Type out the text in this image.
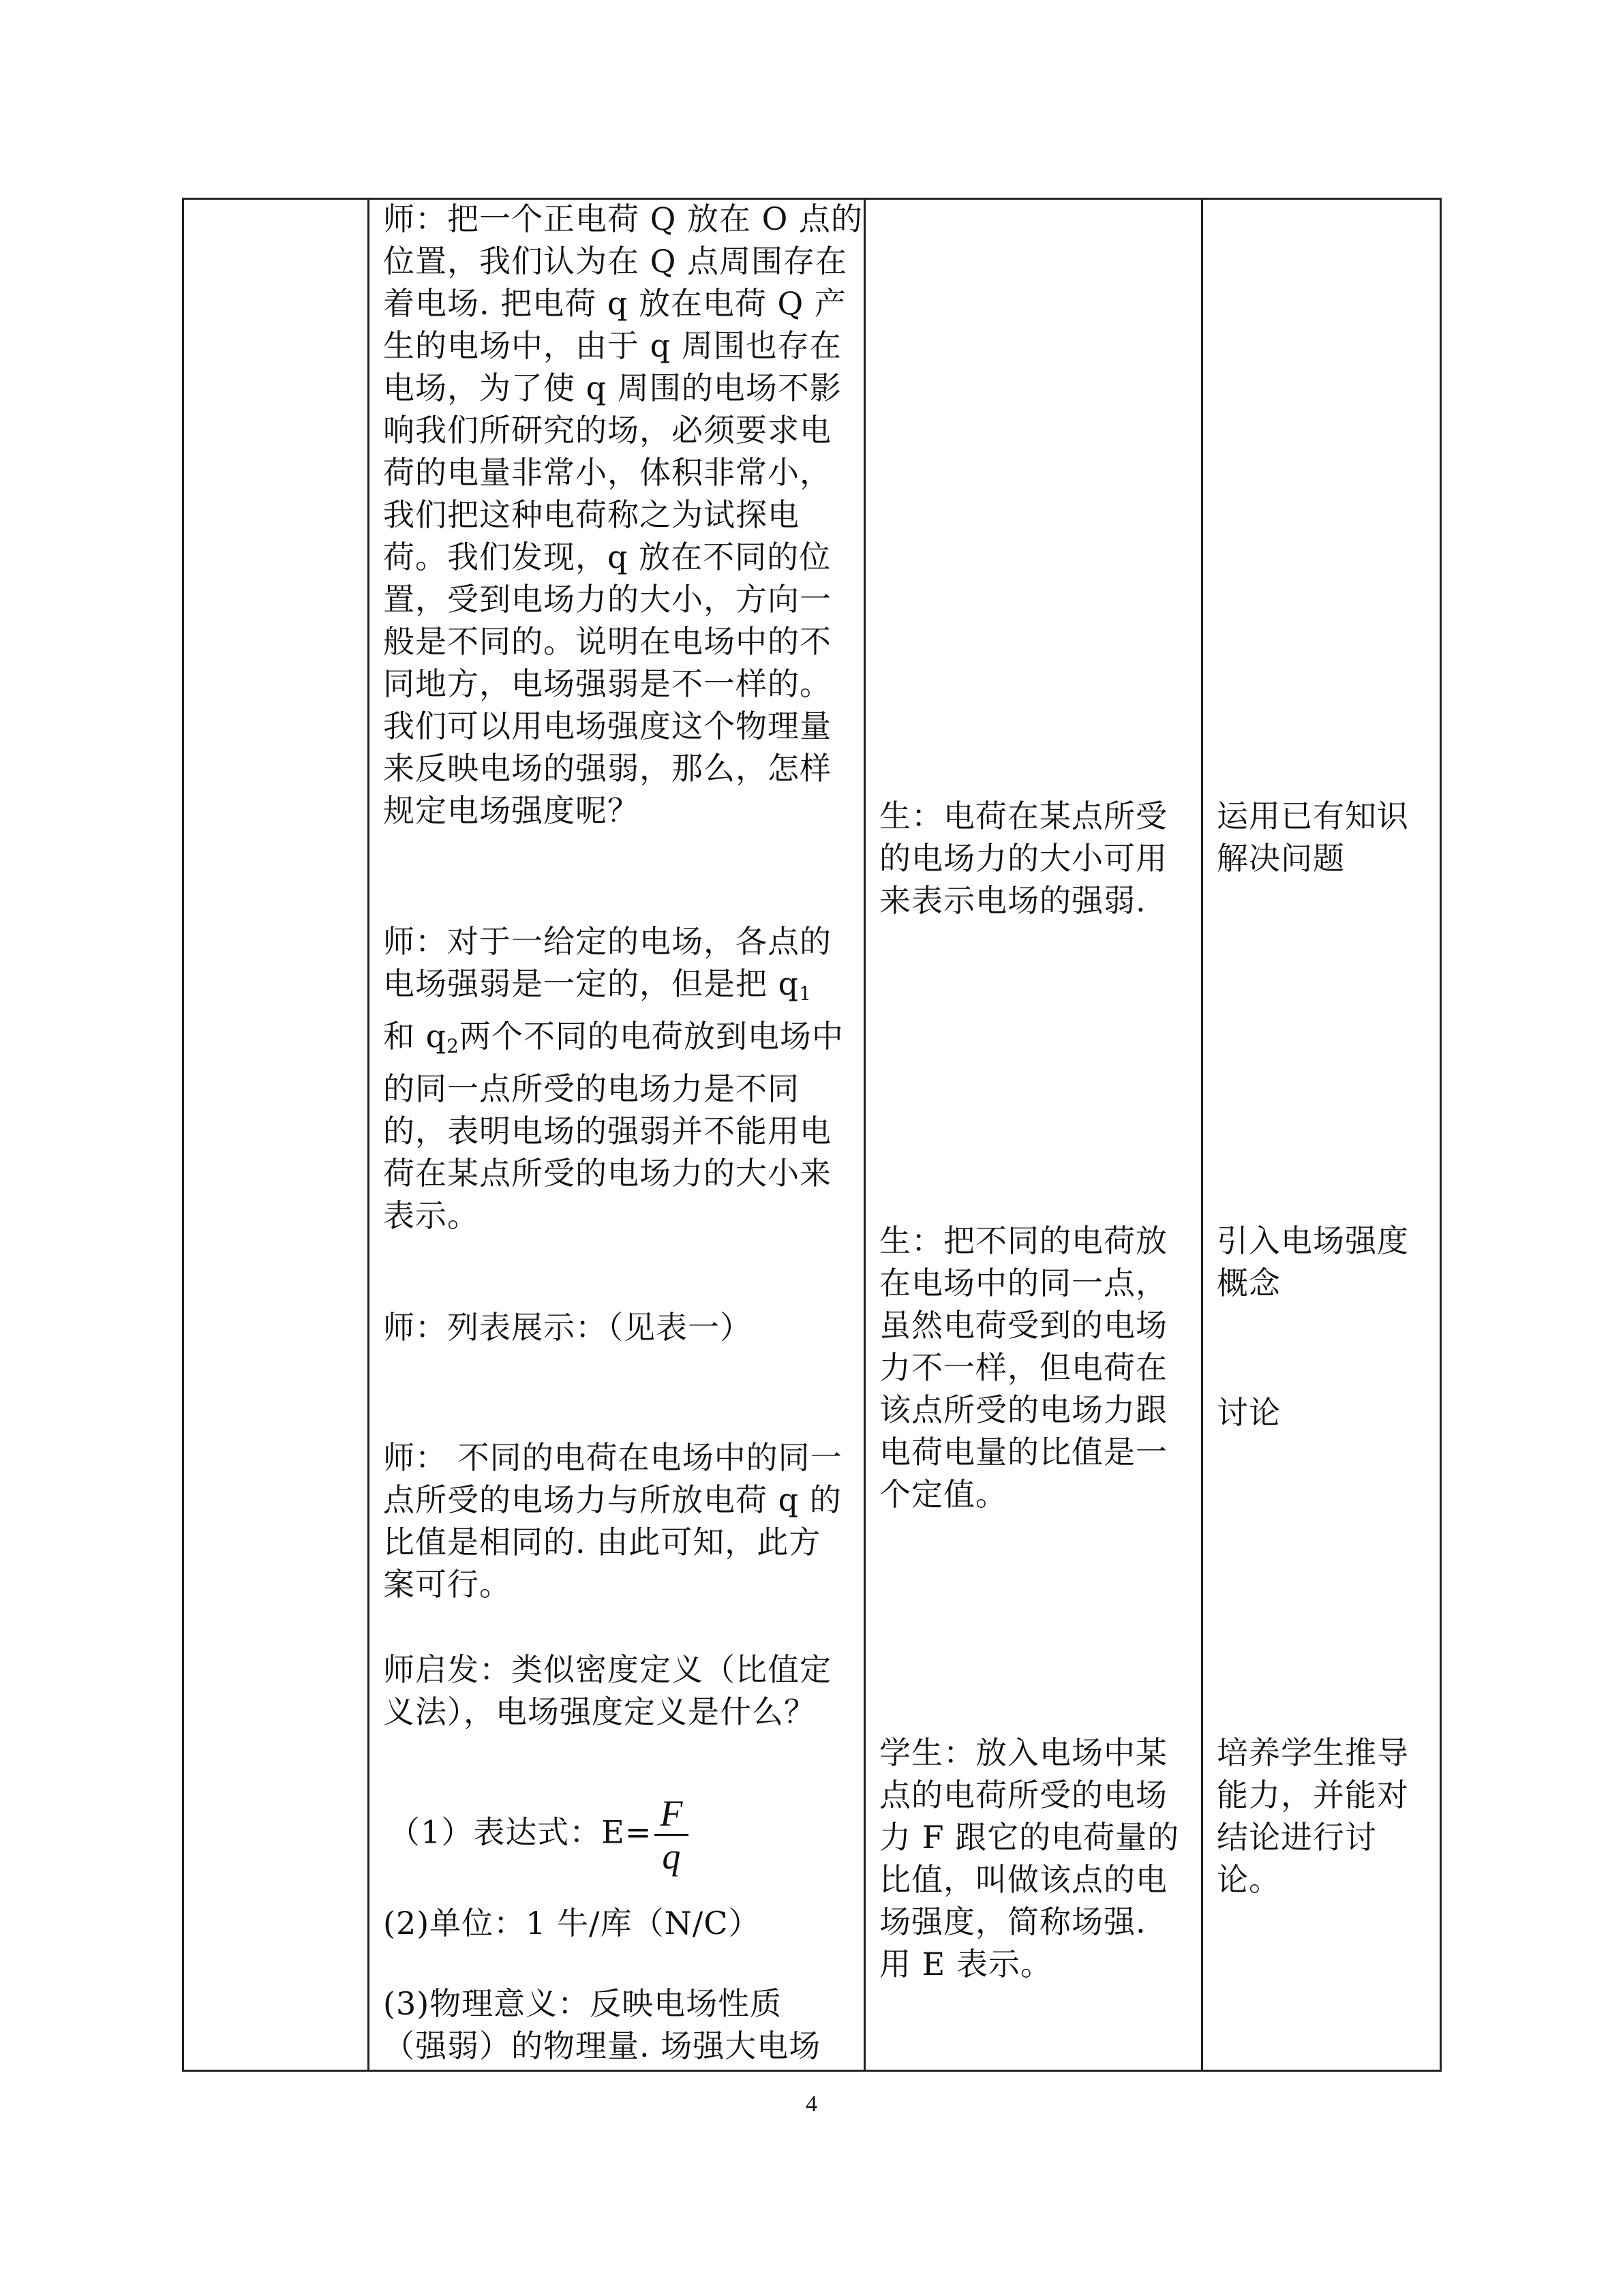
师：把一个正电荷 Q 放在 O 点的

位置，我们认为在 Q 点周围存在

着电场. 把电荷 q 放在电荷 Q 产

生的电场中，由于 q 周围也存在

电场，为了使 q 周围的电场不影

响我们所研究的场，必须要求电

荷的电量非常小，体积非常小，

我们把这种电荷称之为试探电

荷。我们发现，q 放在不同的位

置，受到电场力的大小，方向一

般是不同的。说明在电场中的不

同地方，电场强弱是不一样的。

我们可以用电场强度这个物理量

来反映电场的强弱，那么，怎样

规定电场强度呢？

师：对于一给定的电场，各点的

电场强弱是一定的，但是把 $q_1$

和 $q_2$两个不同的电荷放到电场中

的同一点所受的电场力是不同

的，表明电场的强弱并不能用电

荷在某点所受的电场力的大小来

表示。

师：列表展示：（见表一）

师： 不同的电荷在电场中的同一

点所受的电场力与所放电荷 q 的

比值是相同的. 由此可知，此方

案可行。

师启发：类似密度定义（比值定

义法），电场强度定义是什么？

（1）表达式：$E= \frac{F}{q}$

(2)单位：1 牛/库（N/C）

(3)物理意义：反映电场性质

（强弱）的物理量. 场强大电场

生：电荷在某点所受

的电场力的大小可用

来表示电场的强弱.

生：把不同的电荷放

在电场中的同一点，

虽然电荷受到的电场

力不一样，但电荷在

该点所受的电场力跟

电荷电量的比值是一

个定值。

学生：放入电场中某

点的电荷所受的电场

力 F 跟它的电荷量的

比值，叫做该点的电

场强度，简称场强.

用 E 表示。

运用已有知识

解决问题

引入电场强度

概念

讨论

培养学生推导

能力，并能对

结论进行讨

论。

4
